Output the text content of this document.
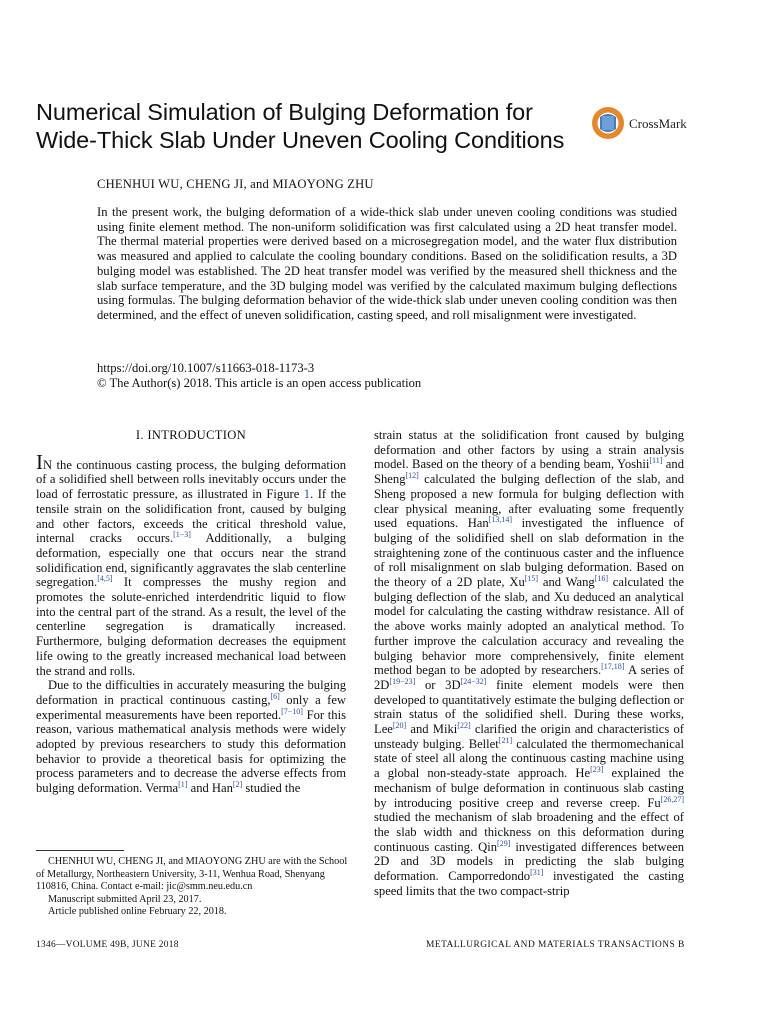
Numerical Simulation of Bulging Deformation for
Wide-Thick Slab Under Uneven Cooling Conditions
CrossMark
CHENHUI WU, CHENG JI, and MIAOYONG ZHU

In the present work, the bulging deformation of a wide-thick slab under uneven cooling conditions was studied using finite element method. The non-uniform solidification was first calculated using a 2D heat transfer model. The thermal material properties were derived based on a microsegregation model, and the water flux distribution was measured and applied to calculate the cooling boundary conditions. Based on the solidification results, a 3D bulging model was established. The 2D heat transfer model was verified by the measured shell thickness and the slab surface temperature, and the 3D bulging model was verified by the calculated maximum bulging deflections using formulas. The bulging deformation behavior of the wide-thick slab under uneven cooling condition was then determined, and the effect of uneven solidification, casting speed, and roll misalignment were investigated.

https://doi.org/10.1007/s11663-018-1173-3
© The Author(s) 2018. This article is an open access publication
I. INTRODUCTION

IN the continuous casting process, the bulging deformation of a solidified shell between rolls inevitably occurs under the load of ferrostatic pressure, as illustrated in Figure 1. If the tensile strain on the solidification front, caused by bulging and other factors, exceeds the critical threshold value, internal cracks occurs.[1−3] Additionally, a bulging deformation, especially one that occurs near the strand solidification end, significantly aggravates the slab centerline segregation.[4,5] It compresses the mushy region and promotes the solute-enriched interdendritic liquid to flow into the central part of the strand. As a result, the level of the centerline segregation is dramatically increased. Furthermore, bulging deformation decreases the equipment life owing to the greatly increased mechanical load between the strand and rolls.

Due to the difficulties in accurately measuring the bulging deformation in practical continuous casting,[6] only a few experimental measurements have been reported.[7−10] For this reason, various mathematical analysis methods were widely adopted by previous researchers to study this deformation behavior to provide a theoretical basis for optimizing the process parameters and to decrease the adverse effects from bulging deformation. Verma[1] and Han[2] studied the

strain status at the solidification front caused by bulging deformation and other factors by using a strain analysis model. Based on the theory of a bending beam, Yoshii[11] and Sheng[12] calculated the bulging deflection of the slab, and Sheng proposed a new formula for bulging deflection with clear physical meaning, after evaluating some frequently used equations. Han[13,14] investigated the influence of bulging of the solidified shell on slab deformation in the straightening zone of the continuous caster and the influence of roll misalignment on slab bulging deformation. Based on the theory of a 2D plate, Xu[15] and Wang[16] calculated the bulging deflection of the slab, and Xu deduced an analytical model for calculating the casting withdraw resistance. All of the above works mainly adopted an analytical method. To further improve the calculation accuracy and revealing the bulging behavior more comprehensively, finite element method began to be adopted by researchers.[17,18] A series of 2D[19−23] or 3D[24−32] finite element models were then developed to quantitatively estimate the bulging deflection or strain status of the solidified shell. During these works, Lee[20] and Miki[22] clarified the origin and characteristics of unsteady bulging. Bellet[21] calculated the thermomechanical state of steel all along the continuous casting machine using a global non-steady-state approach. He[23] explained the mechanism of bulge deformation in continuous slab casting by introducing positive creep and reverse creep. Fu[26,27] studied the mechanism of slab broadening and the effect of the slab width and thickness on this deformation during continuous casting. Qin[29] investigated differences between 2D and 3D models in predicting the slab bulging deformation. Camporredondo[31] investigated the casting speed limits that the two compact-strip

CHENHUI WU, CHENG JI, and MIAOYONG ZHU are with the School of Metallurgy, Northeastern University, 3-11, Wenhua Road, Shenyang 110816, China. Contact e-mail: jic@smm.neu.edu.cn

Manuscript submitted April 23, 2017.

Article published online February 22, 2018.

1346—VOLUME 49B, JUNE 2018	METALLURGICAL AND MATERIALS TRANSACTIONS B
